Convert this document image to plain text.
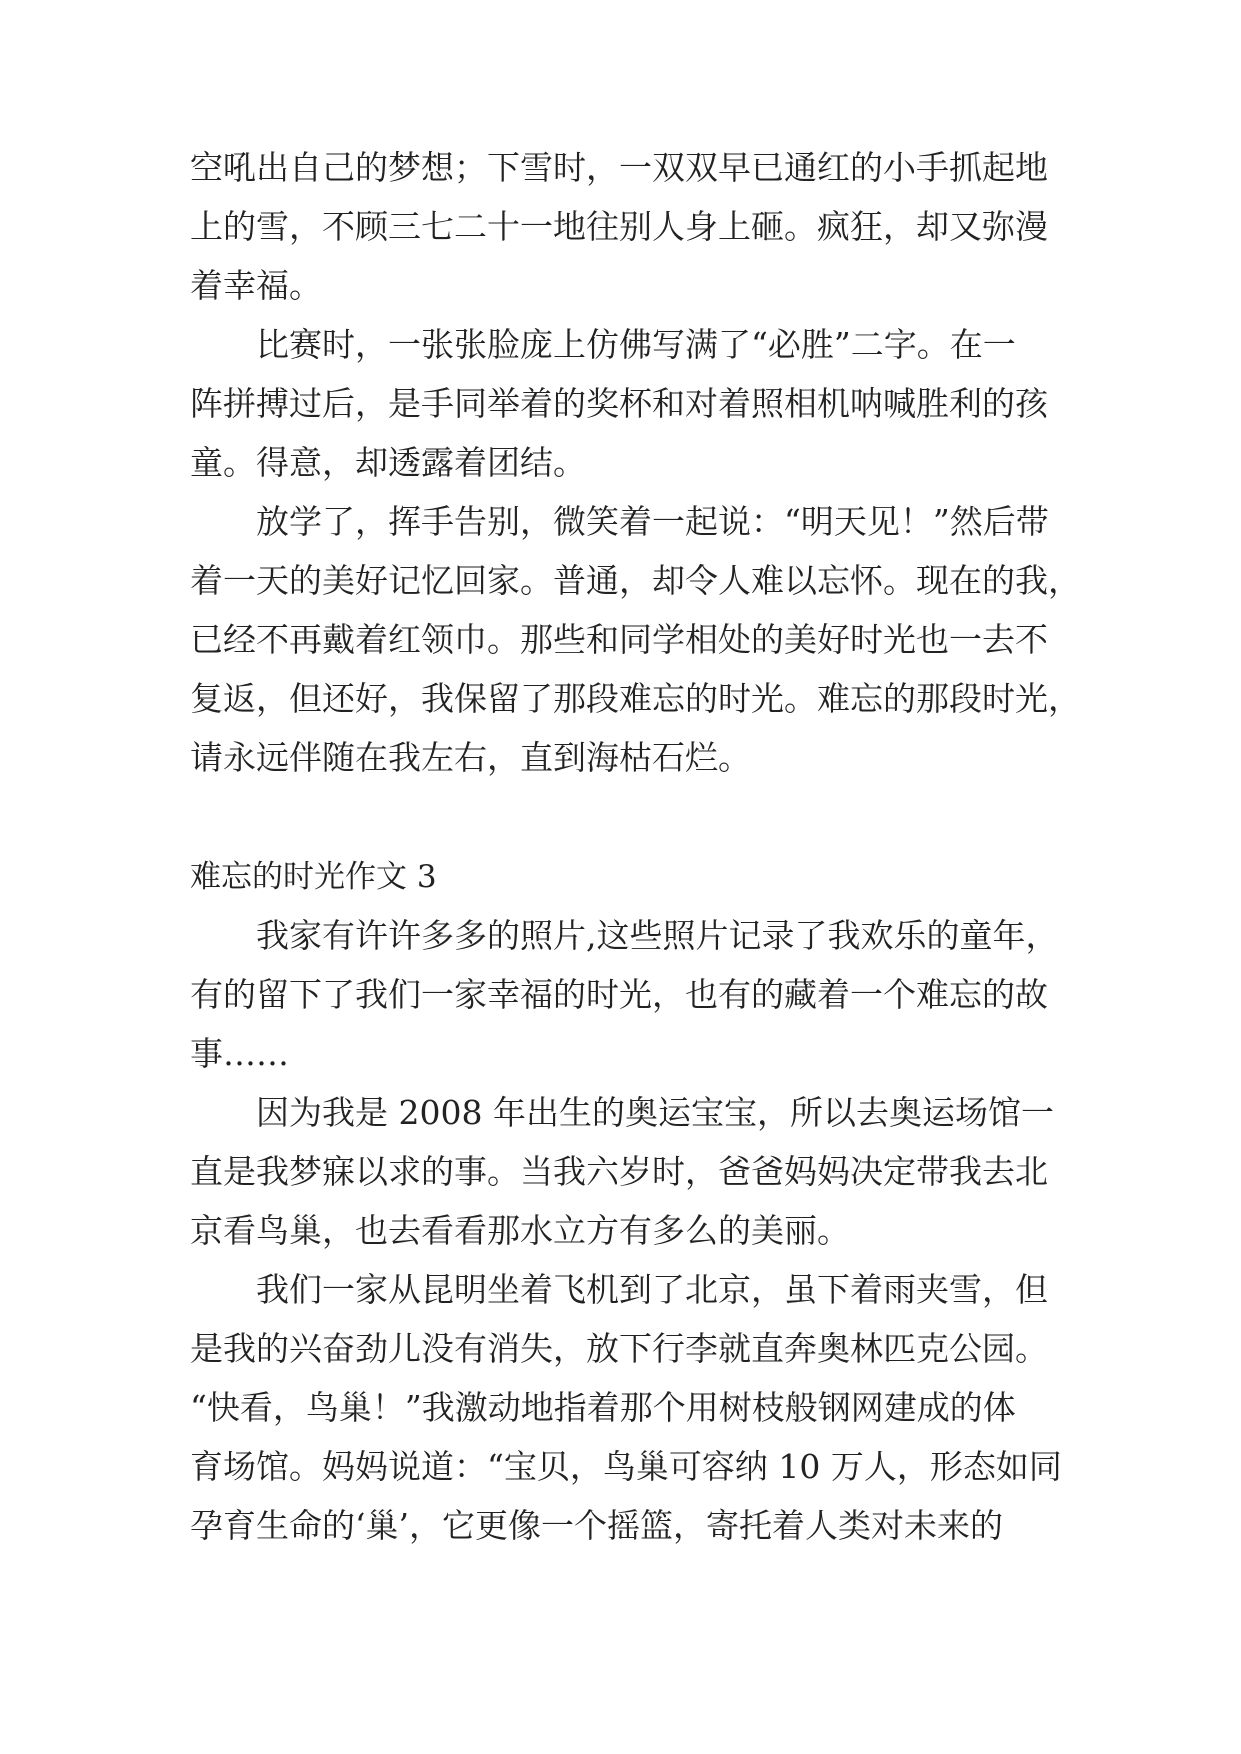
空吼出自己的梦想；下雪时，一双双早已通红的小手抓起地
上的雪，不顾三七二十一地往别人身上砸。疯狂，却又弥漫
着幸福。
比赛时，一张张脸庞上仿佛写满了“必胜”二字。在一
阵拼搏过后，是手同举着的奖杯和对着照相机呐喊胜利的孩
童。得意，却透露着团结。
放学了，挥手告别，微笑着一起说：“明天见！”然后带
着一天的美好记忆回家。普通，却令人难以忘怀。现在的我，
已经不再戴着红领巾。那些和同学相处的美好时光也一去不
复返，但还好，我保留了那段难忘的时光。难忘的那段时光，
请永远伴随在我左右，直到海枯石烂。
难忘的时光作文 3
我家有许许多多的照片,这些照片记录了我欢乐的童年，
有的留下了我们一家幸福的时光，也有的藏着一个难忘的故
事……
因为我是 2008 年出生的奥运宝宝，所以去奥运场馆一
直是我梦寐以求的事。当我六岁时，爸爸妈妈决定带我去北
京看鸟巢，也去看看那水立方有多么的美丽。
我们一家从昆明坐着飞机到了北京，虽下着雨夹雪，但
是我的兴奋劲儿没有消失，放下行李就直奔奥林匹克公园。
“快看，鸟巢！”我激动地指着那个用树枝般钢网建成的体
育场馆。妈妈说道：“宝贝，鸟巢可容纳 10 万人，形态如同
孕育生命的‘巢’，它更像一个摇篮，寄托着人类对未来的
